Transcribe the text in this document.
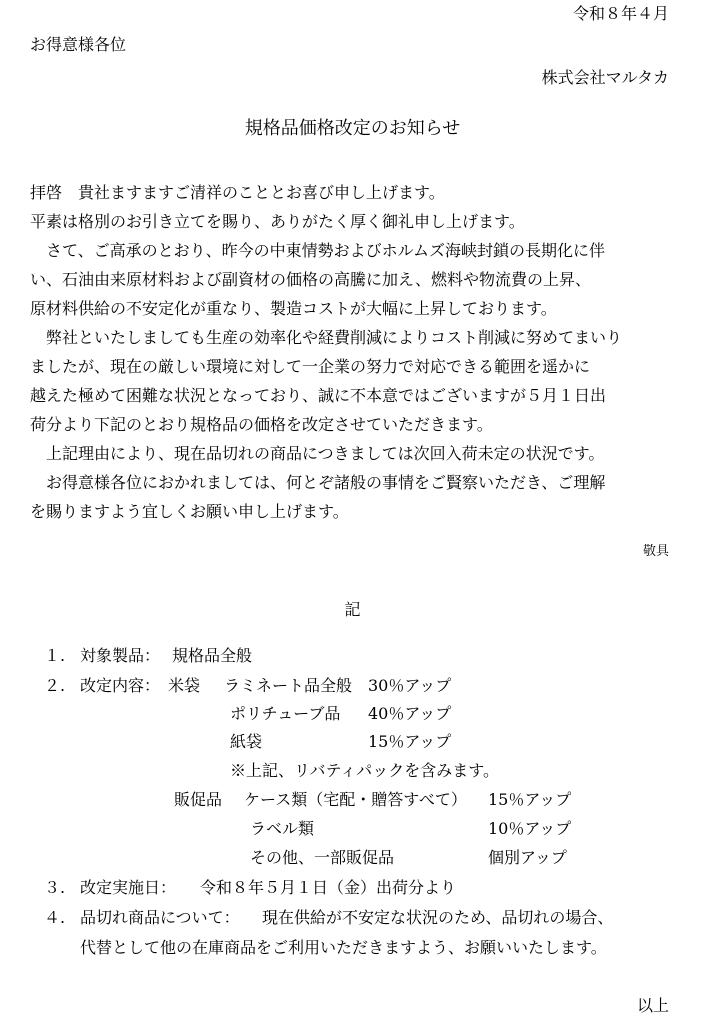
令和８年４月
お得意様各位
株式会社マルタカ
規格品価格改定のお知らせ

拝啓　貴社ますますご清祥のこととお喜び申し上げます。

平素は格別のお引き立てを賜り、ありがたく厚く御礼申し上げます。

さて、ご高承のとおり、昨今の中東情勢およびホルムズ海峡封鎖の長期化に伴

い、石油由来原材料および副資材の価格の高騰に加え、燃料や物流費の上昇、

原材料供給の不安定化が重なり、製造コストが大幅に上昇しております。

弊社といたしましても生産の効率化や経費削減によりコスト削減に努めてまいり

ましたが、現在の厳しい環境に対して一企業の努力で対応できる範囲を遥かに

越えた極めて困難な状況となっており、誠に不本意ではございますが５月１日出

荷分より下記のとおり規格品の価格を改定させていただきます。

上記理由により、現在品切れの商品につきましては次回入荷未定の状況です。

お得意様各位におかれましては、何とぞ諸般の事情をご賢察いただき、ご理解

を賜りますよう宜しくお願い申し上げます。

敬具
記
１. 対象製品： 規格品全般
２. 改定内容： 米袋 ラミネート品全般 30％アップ
ポリチューブ品 40％アップ
紙袋	15％アップ
※上記、リバティパックを含みます。
販促品 ケース類（宅配・贈答すべて） 15％アップ
ラベル類	10％アップ
その他、一部販促品	個別アップ
３. 改定実施日： 令和８年５月１日（金）出荷分より
４. 品切れ商品について： 現在供給が不安定な状況のため、品切れの場合、
代替として他の在庫商品をご利用いただきますよう、お願いいたします。
以上
